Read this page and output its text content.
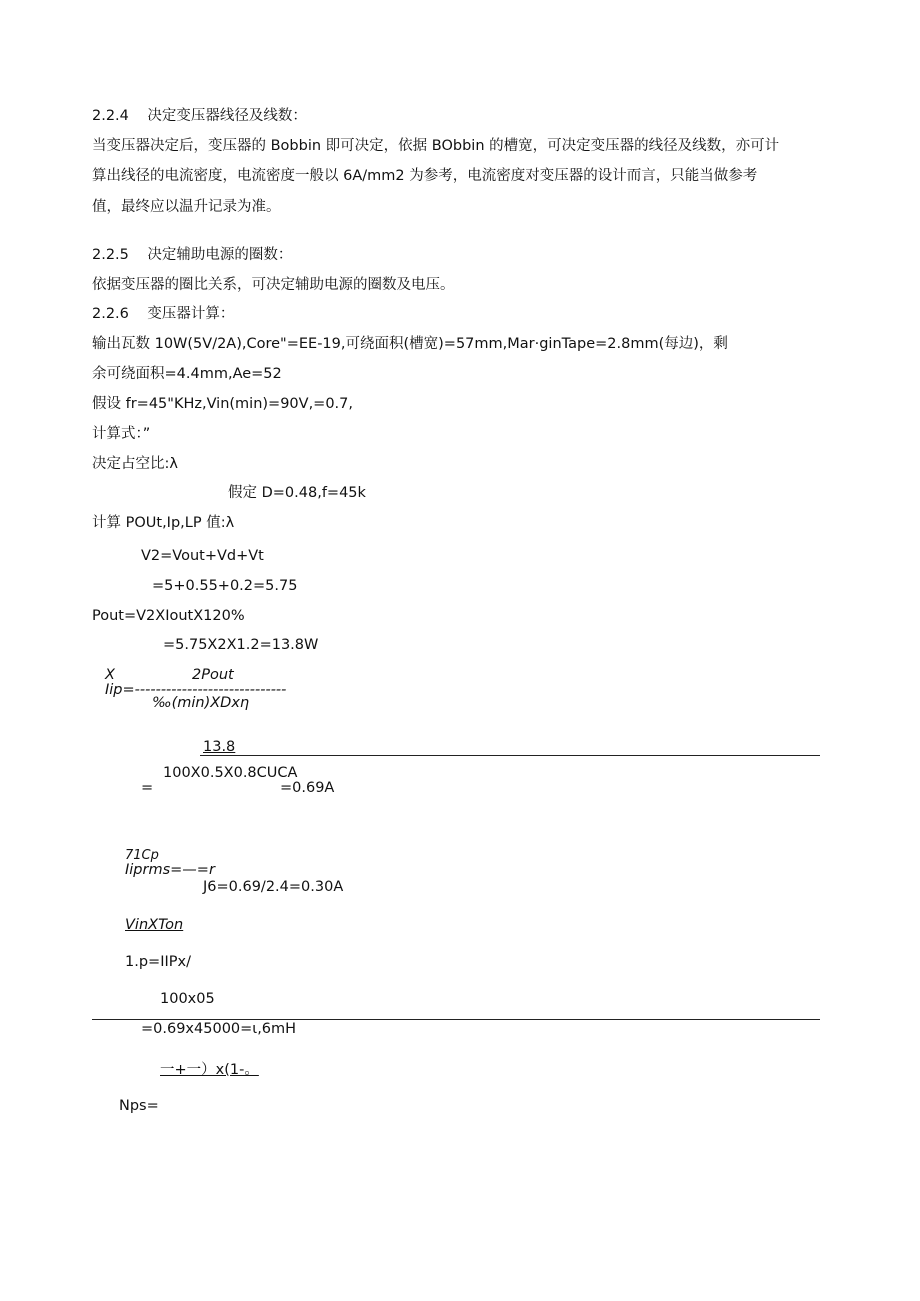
2.2.4 决定变压器线径及线数：
当变压器决定后，变压器的 Bobbin 即可决定，依据 BObbin 的槽宽，可决定变压器的线径及线数，亦可计
算出线径的电流密度，电流密度一般以 6A/mm2 为参考，电流密度对变压器的设计而言，只能当做参考
值，最终应以温升记录为准。
2.2.5 决定辅助电源的圈数：
依据变压器的圈比关系，可决定辅助电源的圈数及电压。
2.2.6 变压器计算：
输出瓦数 10W(5V/2A),Core"=EE-19,可绕面积(槽宽)=57mm,Mar·ginTape=2.8mm(每边)，剩
余可绕面积=4.4mm,Ae=52
假设 fr=45"KHz,Vin(min)=90V,=0.7,
计算式：”
决定占空比:λ
假定 D=0.48,f=45k
计算 POUt,Ip,LP 值:λ
V2=Vout+Vd+Vt
=5+0.55+0.2=5.75
Pout=V2XIoutX120%
=5.75X2X1.2=13.8W
X	2Pout
Iip=-----------------------------
‰(min)XDxη
13.8
100X0.5X0.8CUCA
=	=0.69A
71Cp
Iiprms=—=r
J6=0.69/2.4=0.30A
VinXTon
1.p=IIPx/
100x05
=0.69x45000=ι,6mH
一+一）x(1-。
Nps=
